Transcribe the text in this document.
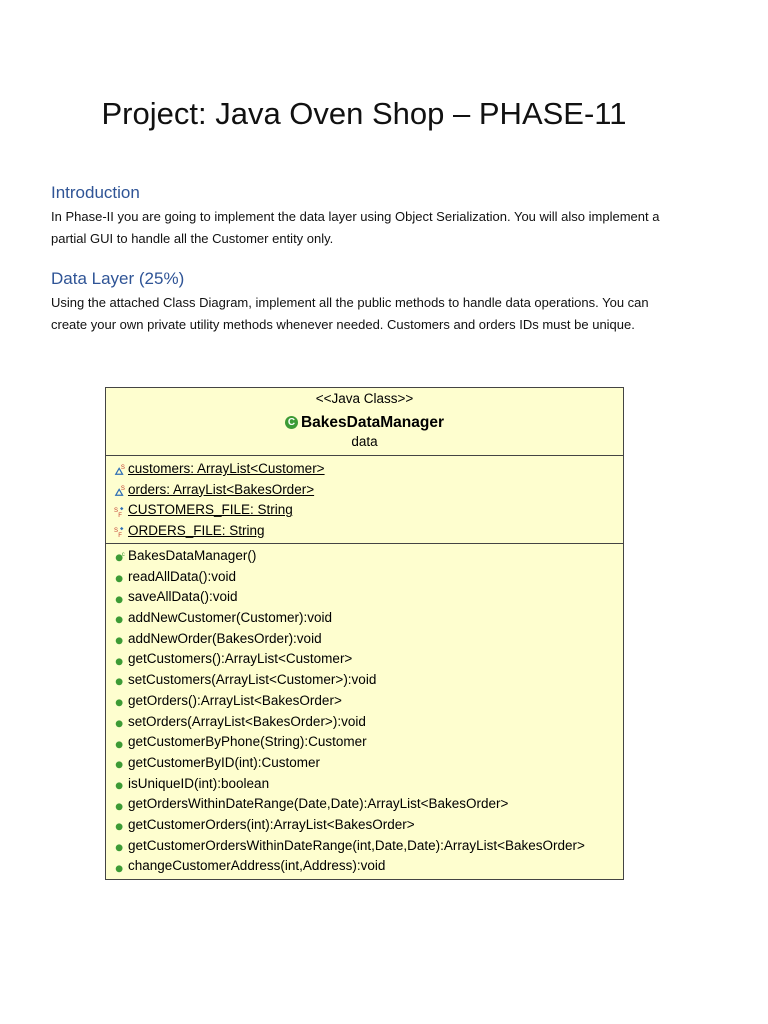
Project: Java Oven Shop – PHASE-11
Introduction

In Phase-II you are going to implement the data layer using Object Serialization. You will also implement a partial GUI to handle all the Customer entity only.

Data Layer (25%)

Using the attached Class Diagram, implement all the public methods to handle data operations. You can create your own private utility methods whenever needed. Customers and orders IDs must be unique.

<<Java Class>>
C BakesDataManager
data
S customers: ArrayList<Customer>
S orders: ArrayList<BakesOrder>
S
F CUSTOMERS_FILE: String
S
F ORDERS_FILE: String
c BakesDataManager()
readAllData():void
saveAllData():void
addNewCustomer(Customer):void
addNewOrder(BakesOrder):void
getCustomers():ArrayList<Customer>
setCustomers(ArrayList<Customer>):void
getOrders():ArrayList<BakesOrder>
setOrders(ArrayList<BakesOrder>):void
getCustomerByPhone(String):Customer
getCustomerByID(int):Customer
isUniqueID(int):boolean
getOrdersWithinDateRange(Date,Date):ArrayList<BakesOrder>
getCustomerOrders(int):ArrayList<BakesOrder>
getCustomerOrdersWithinDateRange(int,Date,Date):ArrayList<BakesOrder>
changeCustomerAddress(int,Address):void
